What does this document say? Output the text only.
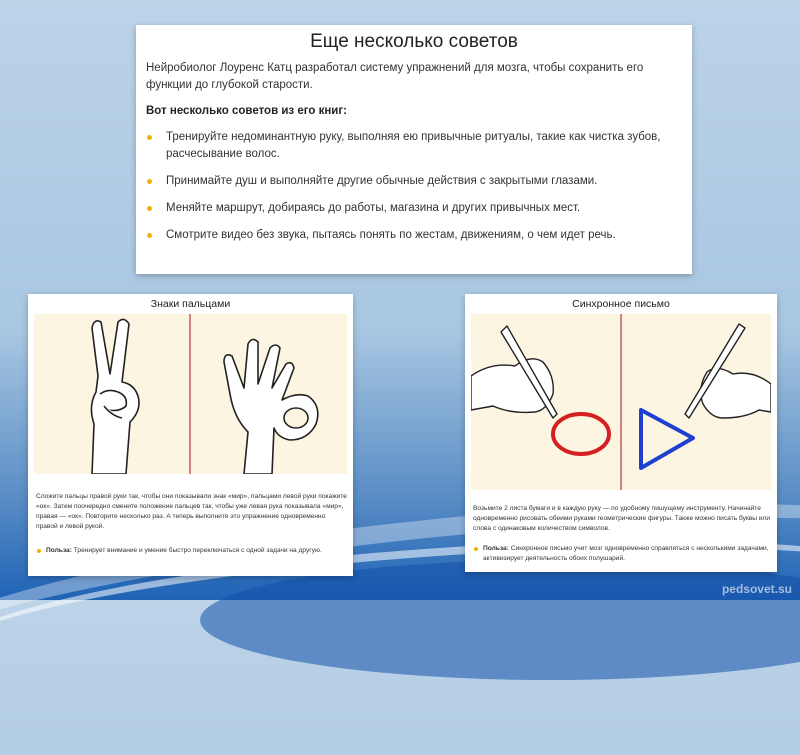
Еще несколько советов
Нейробиолог Лоуренс Катц разработал систему упражнений для мозга, чтобы сохранить его функции до глубокой старости.
Вот несколько советов из его книг:
Тренируйте недоминантную руку, выполняя ею привычные ритуалы, такие как чистка зубов, расчесывание волос.
Принимайте душ и выполняйте другие обычные действия с закрытыми глазами.
Меняйте маршрут, добираясь до работы, магазина и других привычных мест.
Смотрите видео без звука, пытаясь понять по жестам, движениям, о чем идет речь.
Знаки пальцами
Сложите пальцы правой руки так, чтобы они показывали знак «мир», пальцами левой руки покажите «ок». Затем поочередно смените положение пальцев так, чтобы уже левая рука показывала «мир», правая — «ок». Повторите несколько раз. А теперь выполните это упражнение одновременно правой и левой рукой.
Польза: Тренирует внимание и умение быстро переключаться с одной задачи на другую.
Синхронное письмо
Возьмите 2 листа бумаги и в каждую руку — по удобному пишущему инструменту. Начинайте одновременно рисовать обеими руками геометрические фигуры. Также можно писать буквы или слова с одинаковым количеством символов.
Польза: Синхронное письмо учит мозг одновременно справляться с несколькими задачами, активизирует деятельность обоих полушарий.
pedsovet.su
